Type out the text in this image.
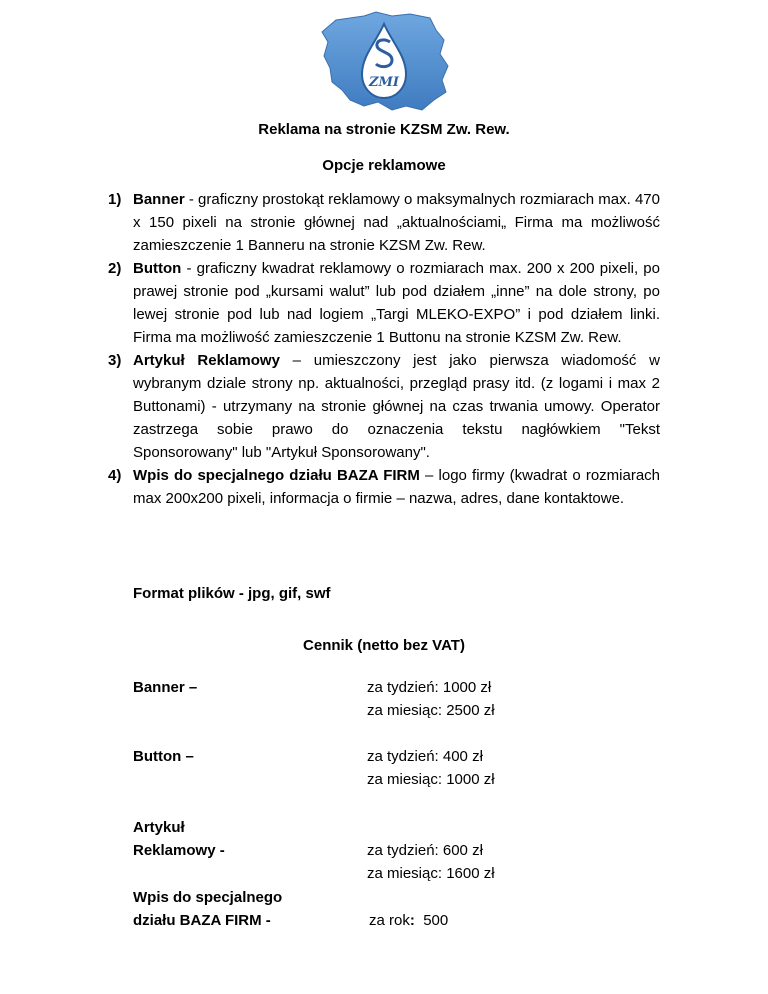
ZMI
Reklama na stronie KZSM Zw. Rew.
Opcje reklamowe
1) Banner - graficzny prostokąt reklamowy o maksymalnych rozmiarach max. 470 x 150 pixeli na stronie głównej nad „aktualnościami„ Firma ma możliwość zamieszczenie 1 Banneru na stronie KZSM Zw. Rew.
2) Button - graficzny kwadrat reklamowy o rozmiarach max. 200 x 200 pixeli, po prawej stronie pod „kursami walut” lub pod działem „inne” na dole strony, po lewej stronie pod lub nad logiem „Targi MLEKO-EXPO” i pod działem linki. Firma ma możliwość zamieszczenie 1 Buttonu na stronie KZSM Zw. Rew.
3) Artykuł Reklamowy – umieszczony jest jako pierwsza wiadomość w wybranym dziale strony np. aktualności, przegląd prasy itd. (z logami i max 2 Buttonami) - utrzymany na stronie głównej na czas trwania umowy. Operator zastrzega sobie prawo do oznaczenia tekstu nagłówkiem "Tekst Sponsorowany" lub "Artykuł Sponsorowany".
4) Wpis do specjalnego działu BAZA FIRM – logo firmy (kwadrat o rozmiarach max 200x200 pixeli, informacja o firmie – nazwa, adres, dane kontaktowe.
Format plików - jpg, gif, swf
Cennik (netto bez VAT)
Banner –	za tydzień: 1000 zł
za miesiąc: 2500 zł
Button –	za tydzień: 400 zł
za miesiąc: 1000 zł
Artykuł
Reklamowy -	za tydzień: 600 zł
za miesiąc: 1600 zł
Wpis do specjalnego
działu BAZA FIRM -	za rok:  500
